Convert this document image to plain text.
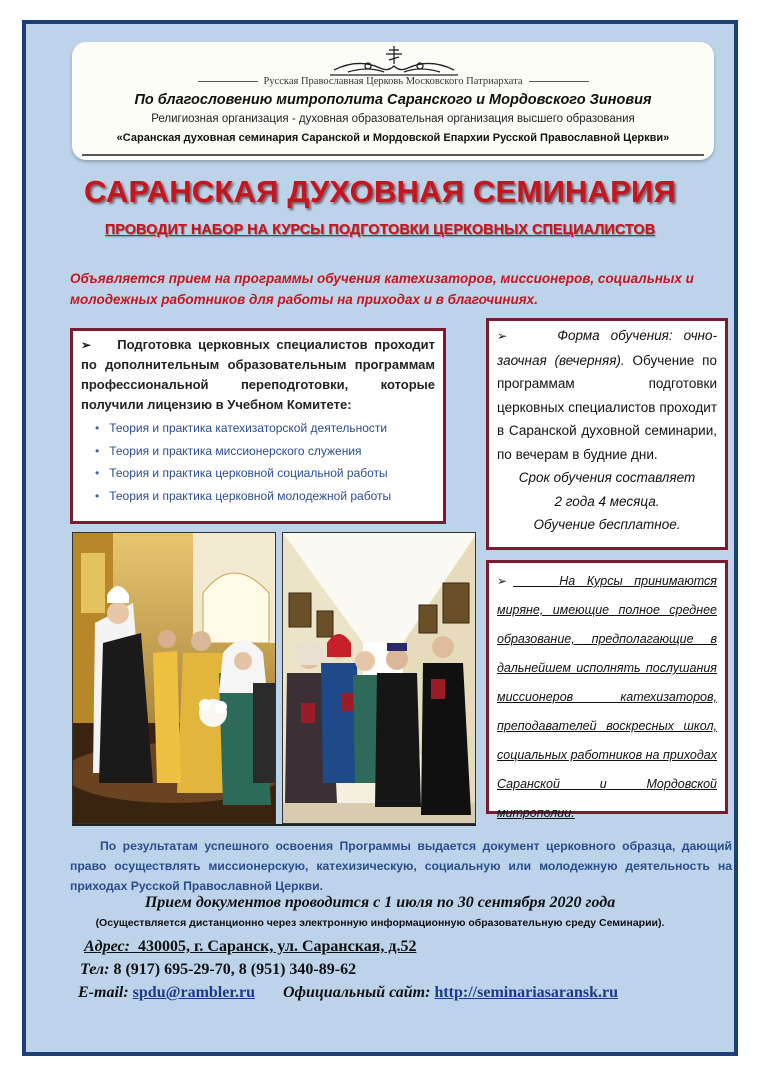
Русская Православная Церковь Московского Патриархата
По благословению митрополита Саранского и Мордовского Зиновия
Религиозная организация - духовная образовательная организация высшего образования
«Саранская духовная семинария Саранской и Мордовской Епархии Русской Православной Церкви»
САРАНСКАЯ ДУХОВНАЯ СЕМИНАРИЯ
ПРОВОДИТ НАБОР НА КУРСЫ ПОДГОТОВКИ ЦЕРКОВНЫХ СПЕЦИАЛИСТОВ
Объявляется прием на программы обучения катехизаторов, миссионеров, социальных и молодежных работников для работы на приходах и в благочиниях.
➢ Подготовка церковных специалистов проходит по дополнительным образовательным программам профессиональной переподготовки, которые получили лицензию в Учебном Комитете:
• Теория и практика катехизаторской деятельности
• Теория и практика миссионерского служения
• Теория и практика церковной социальной работы
• Теория и практика церковной молодежной работы
➢	Форма обучения: очно-заочная (вечерняя). Обучение по программам подготовки церковных специалистов проходит в Саранской духовной семинарии, по вечерам в будние дни.
Срок обучения составляет
2 года 4 месяца.
Обучение бесплатное.
➢	На Курсы принимаются миряне, имеющие полное среднее образование, предполагающие в дальнейшем исполнять послушания миссионеров катехизаторов, преподавателей воскресных школ, социальных работников на приходах Саранской и Мордовской митрополии.
По результатам успешного освоения Программы выдается документ церковного образца, дающий право осуществлять миссионерскую, катехизическую, социальную или молодежную деятельность на приходах Русской Православной Церкви.
Прием документов проводится с 1 июля по 30 сентября 2020 года
(Осуществляется дистанционно через электронную информационную образовательную среду Семинарии).
Адрес: 430005, г. Саранск, ул. Саранская, д.52
Тел: 8 (917) 695-29-70, 8 (951) 340-89-62
E-mail: spdu@rambler.ru Официальный сайт: http://seminariasaransk.ru
